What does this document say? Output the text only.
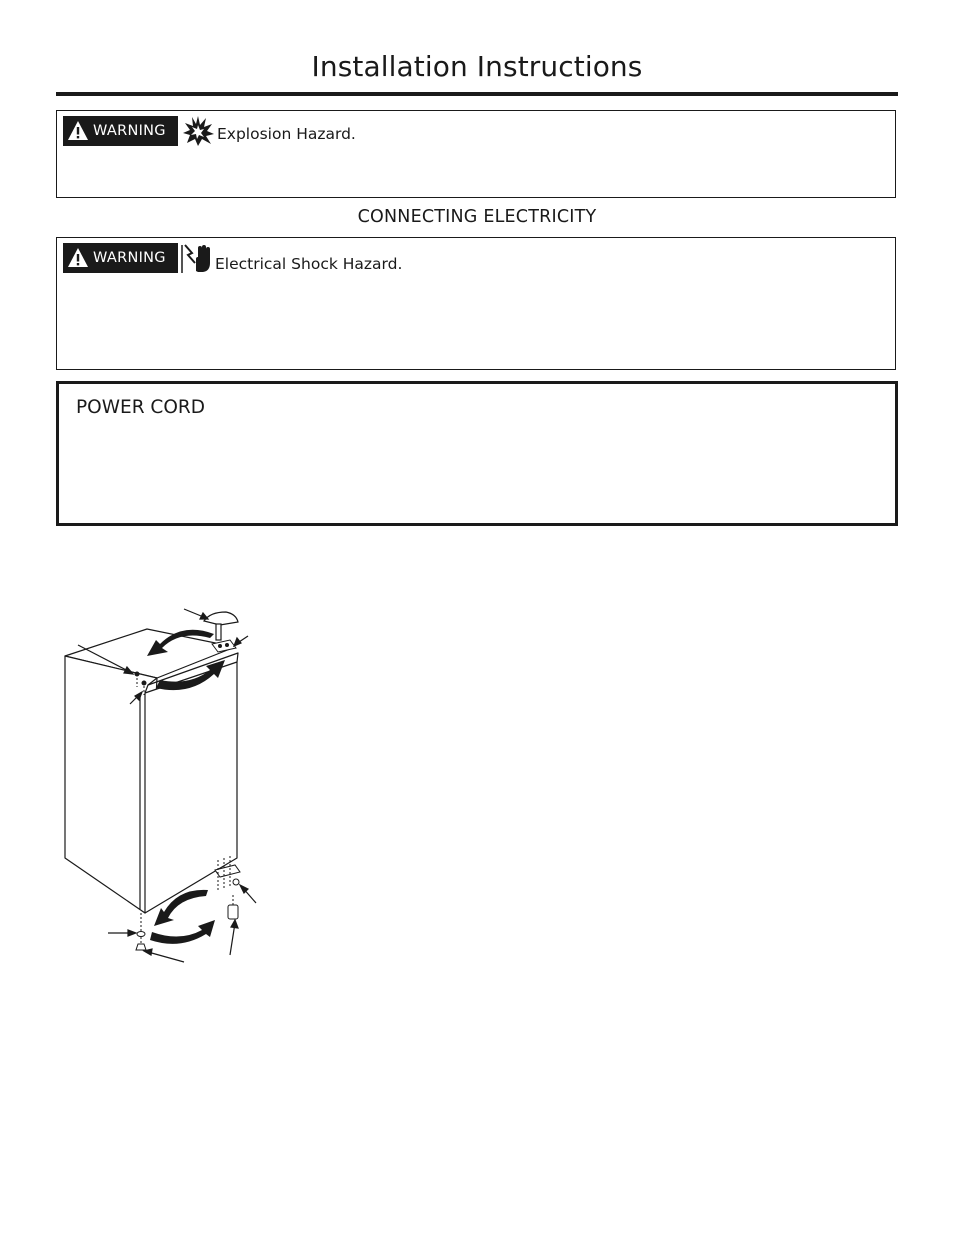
Installation Instructions
WARNING	Explosion Hazard.
CONNECTING ELECTRICITY
WARNING	Electrical Shock Hazard.
POWER CORD
